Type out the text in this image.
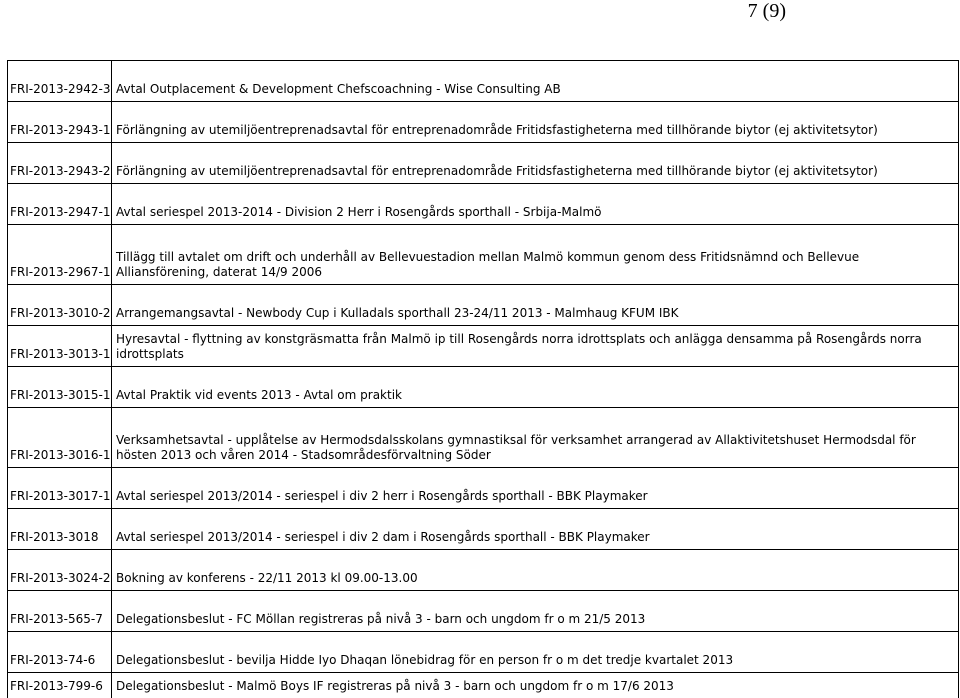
7 (9)
FRI-2013-2942-3	Avtal Outplacement & Development Chefscoachning - Wise Consulting AB
FRI-2013-2943-1	Förlängning av utemiljöentreprenadsavtal för entreprenadområde Fritidsfastigheterna med tillhörande biytor (ej aktivitetsytor)
FRI-2013-2943-2	Förlängning av utemiljöentreprenadsavtal för entreprenadområde Fritidsfastigheterna med tillhörande biytor (ej aktivitetsytor)
FRI-2013-2947-1	Avtal seriespel 2013-2014 - Division 2 Herr i Rosengårds sporthall - Srbija-Malmö
FRI-2013-2967-1	Tillägg till avtalet om drift och underhåll av Bellevuestadion mellan Malmö kommun genom dess Fritidsnämnd och Bellevue Alliansförening, daterat 14/9 2006
FRI-2013-3010-2	Arrangemangsavtal - Newbody Cup i Kulladals sporthall 23-24/11 2013 - Malmhaug KFUM IBK
FRI-2013-3013-1	Hyresavtal - flyttning av konstgräsmatta från Malmö ip till Rosengårds norra idrottsplats och anlägga densamma på Rosengårds norra idrottsplats
FRI-2013-3015-1	Avtal Praktik vid events 2013 - Avtal om praktik
FRI-2013-3016-1	Verksamhetsavtal - upplåtelse av Hermodsdalsskolans gymnastiksal för verksamhet arrangerad av Allaktivitetshuset Hermodsdal för hösten 2013 och våren 2014 - Stadsområdesförvaltning Söder
FRI-2013-3017-1	Avtal seriespel 2013/2014 - seriespel i div 2 herr i Rosengårds sporthall - BBK Playmaker
FRI-2013-3018	Avtal seriespel 2013/2014 - seriespel i div 2 dam i Rosengårds sporthall - BBK Playmaker
FRI-2013-3024-2	Bokning av konferens - 22/11 2013 kl 09.00-13.00
FRI-2013-565-7	Delegationsbeslut - FC Möllan registreras på nivå 3 - barn och ungdom fr o m 21/5 2013
FRI-2013-74-6	Delegationsbeslut - bevilja Hidde Iyo Dhaqan lönebidrag för en person fr o m det tredje kvartalet 2013
FRI-2013-799-6	Delegationsbeslut - Malmö Boys IF registreras på nivå 3 - barn och ungdom fr o m 17/6 2013
